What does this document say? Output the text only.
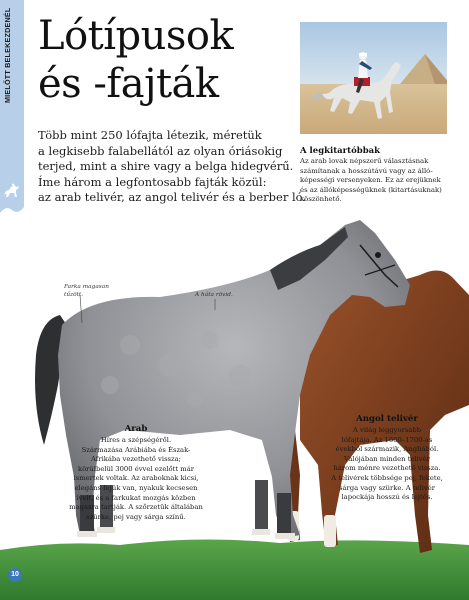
MIELŐTT BELEKEZDENÉL Lótípusok
és -fajták
Több mint 250 lófajta létezik, méretük
a legkisebb falabellától az olyan óriásokig
terjed, mint a shire vagy a belga hidegvérű.
Íme három a legfontosabb fajták közül:
az arab telivér, az angol telivér és a berber ló.
A legkitartóbbak
Az arab lovak népszerű választásnak
számítanak a hosszútávú vagy az álló-
képességi versenyeken. Ez az erejüknek
és az állóképességüknek (kitartásuknak)
köszönhető.
Farka magasan
tűzött.	A háta rövid.
Arab
Híres a szépségéről.
Származása Arábiába és Észak-
Afrikába vezethető vissza;
körülbelül 3000 évvel ezelőtt már
ismertek voltak. Az araboknak kicsi,
elegáns fejük van, nyakuk kecsesen
ívelt, és a farkukat mozgás közben
magasra tartják. A szőrzetük általában
szürke, pej vagy sárga színű.
Angol telivér
A világ leggyorsabb
lófajtája. Az 1600–1700-as
évekből származik, Angliából.
Valójában minden telivér
három ménre vezethető vissza.
A telivérek többsége pej, fekete,
sárga vagy szürke. A telivér
lapockája hosszú és lejtős.
10
